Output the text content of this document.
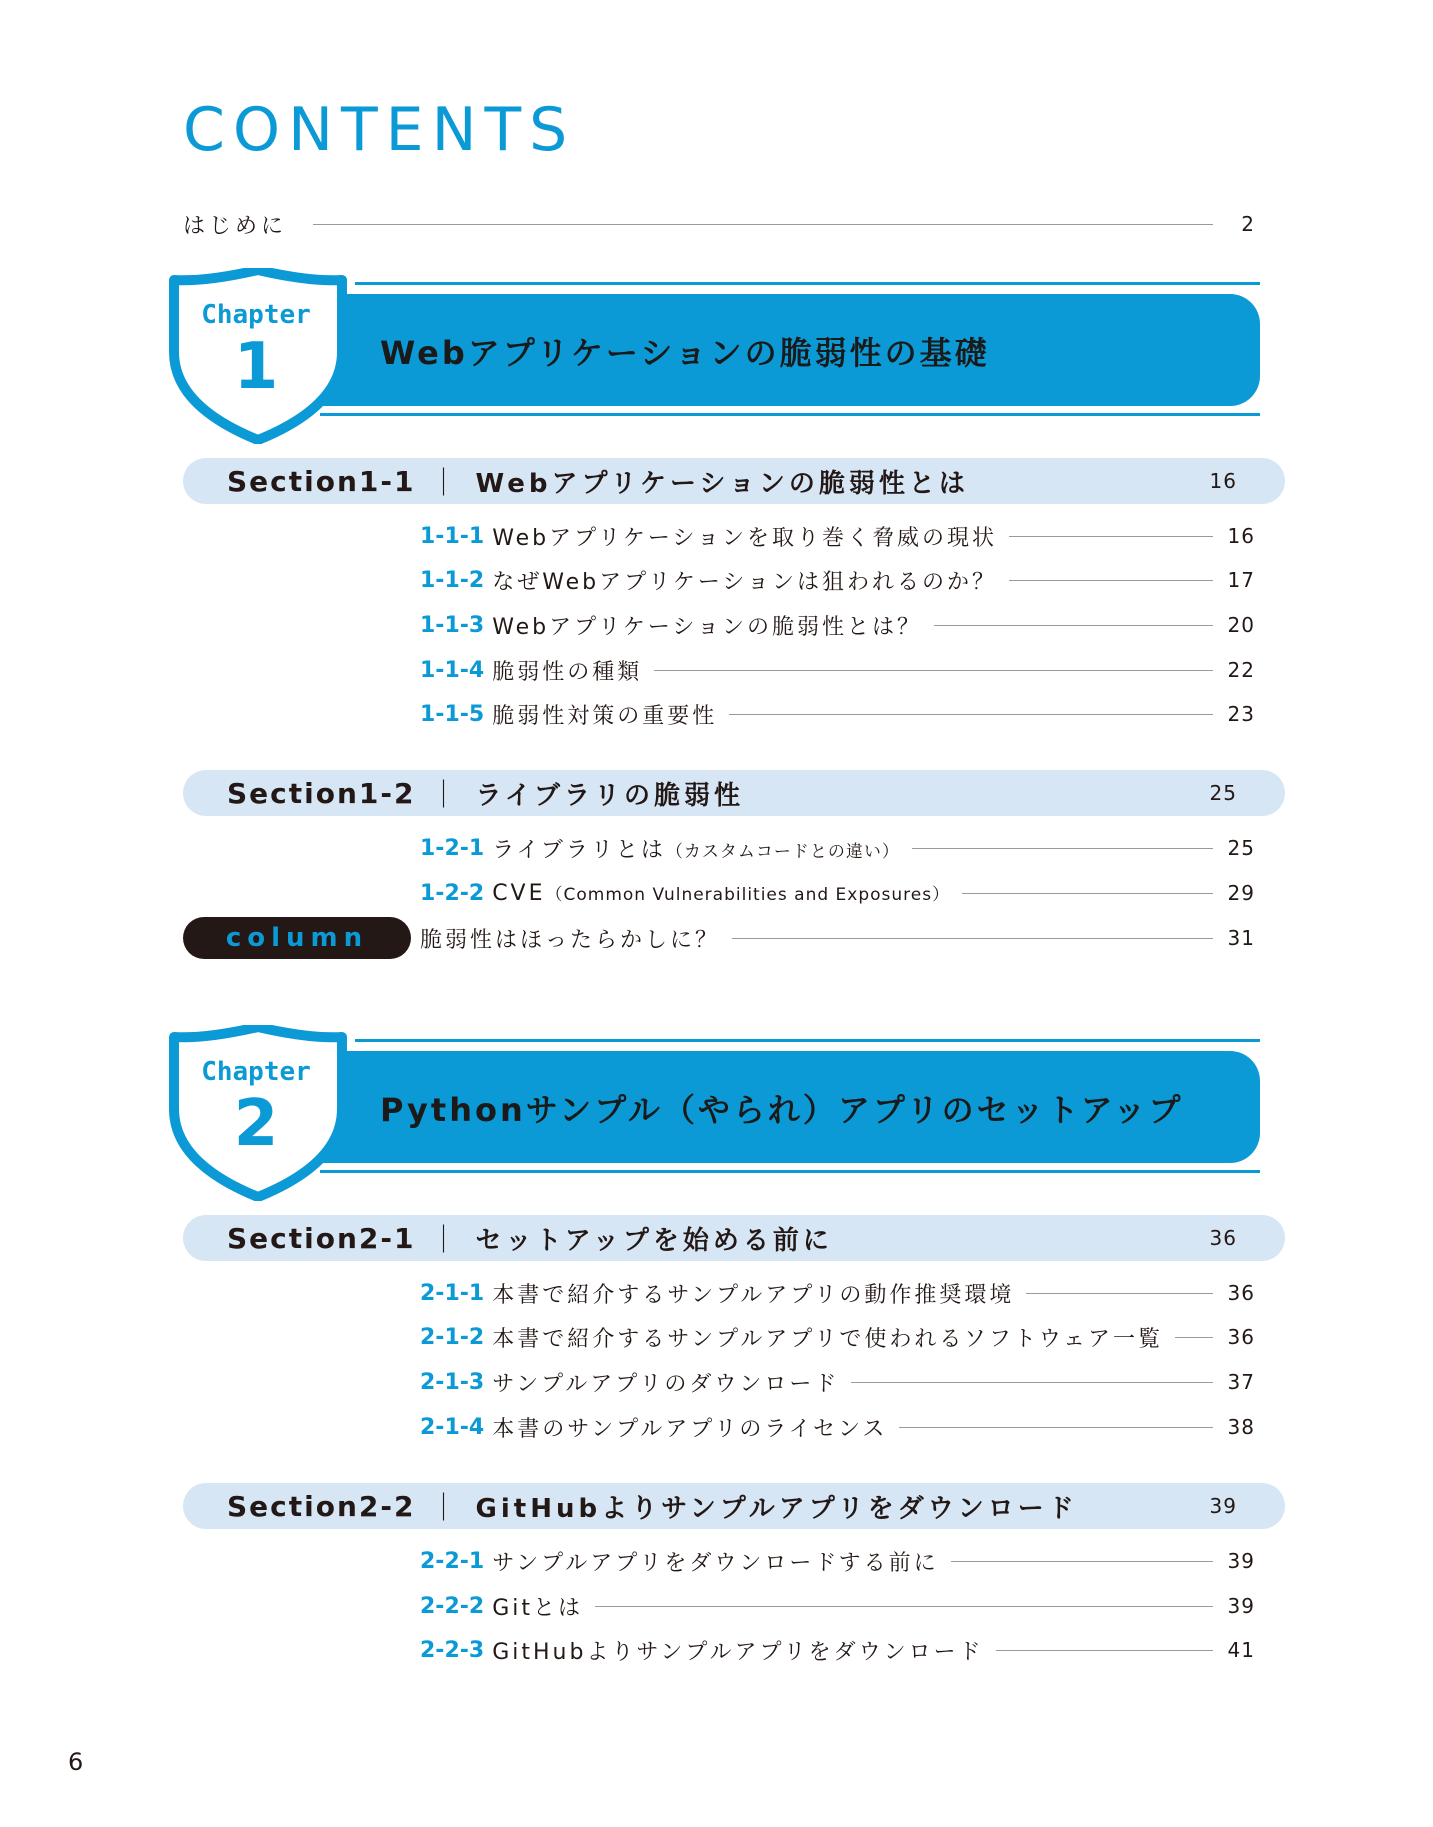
CONTENTS
はじめに	2
Chapter
1	Webアプリケーションの脆弱性の基礎
Section1-1 ｜ Webアプリケーションの脆弱性とは	16
1-1-1 Webアプリケーションを取り巻く脅威の現状	16
1-1-2 なぜWebアプリケーションは狙われるのか？	17
1-1-3 Webアプリケーションの脆弱性とは？	20
1-1-4 脆弱性の種類	22
1-1-5 脆弱性対策の重要性	23
Section1-2 ｜ ライブラリの脆弱性	25
1-2-1 ライブラリとは（カスタムコードとの違い）	25
1-2-2 CVE（Common Vulnerabilities and Exposures）	29
column	脆弱性はほったらかしに？	31
Chapter
2	Pythonサンプル（やられ）アプリのセットアップ
Section2-1 ｜ セットアップを始める前に	36
2-1-1 本書で紹介するサンプルアプリの動作推奨環境	36
2-1-2 本書で紹介するサンプルアプリで使われるソフトウェア一覧	36
2-1-3 サンプルアプリのダウンロード	37
2-1-4 本書のサンプルアプリのライセンス	38
Section2-2 ｜ GitHubよりサンプルアプリをダウンロード	39
2-2-1 サンプルアプリをダウンロードする前に	39
2-2-2 Gitとは	39
2-2-3 GitHubよりサンプルアプリをダウンロード	41
6
